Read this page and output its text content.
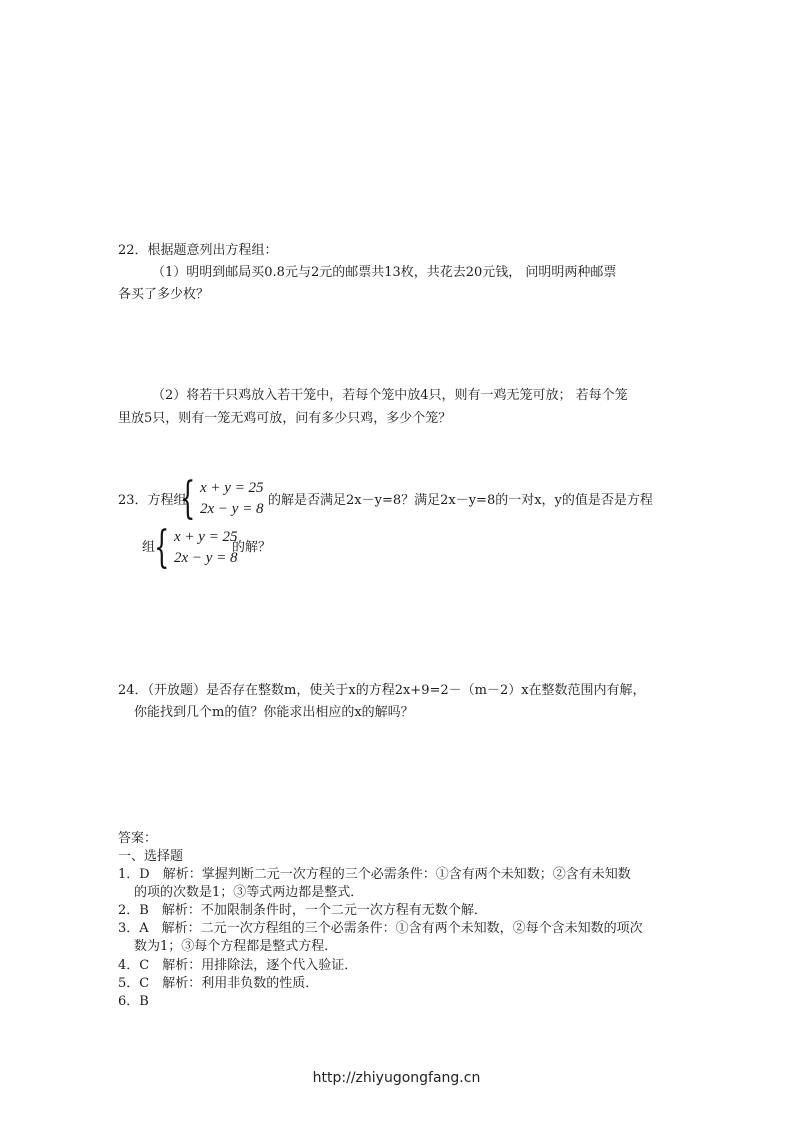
22．根据题意列出方程组：
（1）明明到邮局买0.8元与2元的邮票共13枚，共花去20元钱， 问明明两种邮票
各买了多少枚？
（2）将若干只鸡放入若干笼中，若每个笼中放4只，则有一鸡无笼可放； 若每个笼
里放5只，则有一笼无鸡可放，问有多少只鸡，多少个笼？
23．方程组
{ x + y = 25
2x − y = 8
的解是否满足2x－y=8？满足2x－y=8的一对x，y的值是否是方程
组
{ x + y = 25
2x − y = 8
的解？
24．（开放题）是否存在整数m，使关于x的方程2x+9=2－（m－2）x在整数范围内有解，
你能找到几个m的值？你能求出相应的x的解吗？
答案：
一、选择题
1．D　解析：掌握判断二元一次方程的三个必需条件：①含有两个未知数；②含有未知数
的项的次数是1；③等式两边都是整式．
2．B　解析：不加限制条件时，一个二元一次方程有无数个解．
3．A　解析：二元一次方程组的三个必需条件：①含有两个未知数，②每个含未知数的项次
数为1；③每个方程都是整式方程．
4．C　解析：用排除法，逐个代入验证．
5．C　解析：利用非负数的性质．
6．B
http://zhiyugongfang.cn
